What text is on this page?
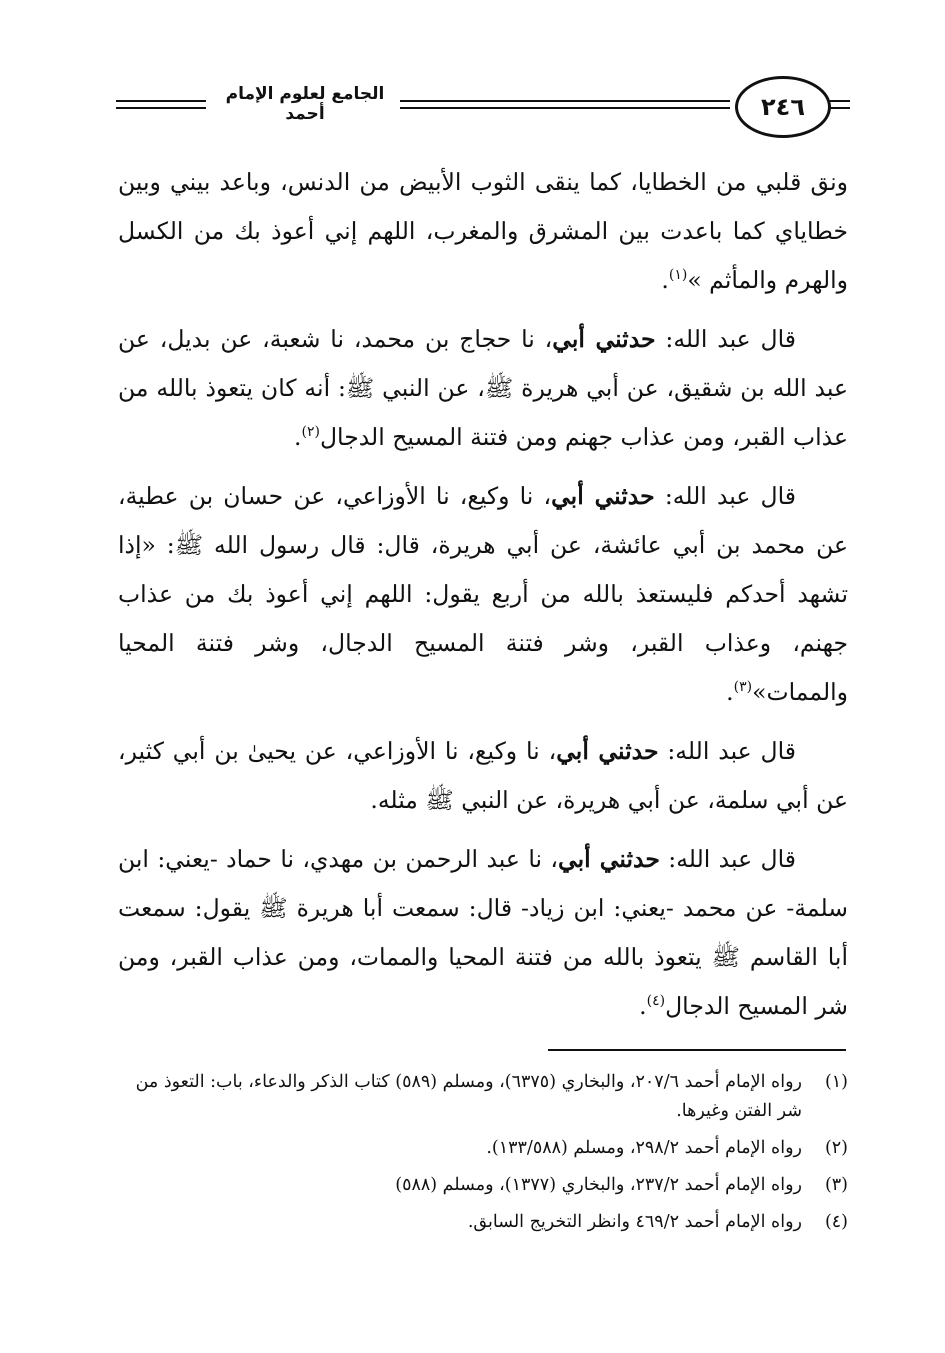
الجامع لعلوم الإمام أحمد	٢٤٦

ونق قلبي من الخطايا، كما ينقى الثوب الأبيض من الدنس، وباعد بيني وبين خطاياي كما باعدت بين المشرق والمغرب، اللهم إني أعوذ بك من الكسل والهرم والمأثم »$^{(١)}$.

قال عبد الله: حدثني أبي، نا حجاج بن محمد، نا شعبة، عن بديل، عن عبد الله بن شقيق، عن أبي هريرة ﷺ، عن النبي ﷺ: أنه كان يتعوذ بالله من عذاب القبر، ومن عذاب جهنم ومن فتنة المسيح الدجال$^{(٢)}$.

قال عبد الله: حدثني أبي، نا وكيع، نا الأوزاعي، عن حسان بن عطية، عن محمد بن أبي عائشة، عن أبي هريرة، قال: قال رسول الله ﷺ: «إذا تشهد أحدكم فليستعذ بالله من أربع يقول: اللهم إني أعوذ بك من عذاب جهنم، وعذاب القبر، وشر فتنة المسيح الدجال، وشر فتنة المحيا والممات»$^{(٣)}$.

قال عبد الله: حدثني أبي، نا وكيع، نا الأوزاعي، عن يحيىٰ بن أبي كثير، عن أبي سلمة، عن أبي هريرة، عن النبي ﷺ مثله.

قال عبد الله: حدثني أبي، نا عبد الرحمن بن مهدي، نا حماد -يعني: ابن سلمة- عن محمد -يعني: ابن زياد- قال: سمعت أبا هريرة ﷺ يقول: سمعت أبا القاسم ﷺ يتعوذ بالله من فتنة المحيا والممات، ومن عذاب القبر، ومن شر المسيح الدجال$^{(٤)}$.

(١)
رواه الإمام أحمد ٢٠٧/٦، والبخاري (٦٣٧٥)، ومسلم (٥٨٩) كتاب الذكر والدعاء، باب: التعوذ من شر الفتن وغيرها.
(٢)
رواه الإمام أحمد ٢٩٨/٢، ومسلم (١٣٣/٥٨٨).
(٣)
رواه الإمام أحمد ٢٣٧/٢، والبخاري (١٣٧٧)، ومسلم (٥٨٨)
(٤)
رواه الإمام أحمد ٤٦٩/٢ وانظر التخريج السابق.
